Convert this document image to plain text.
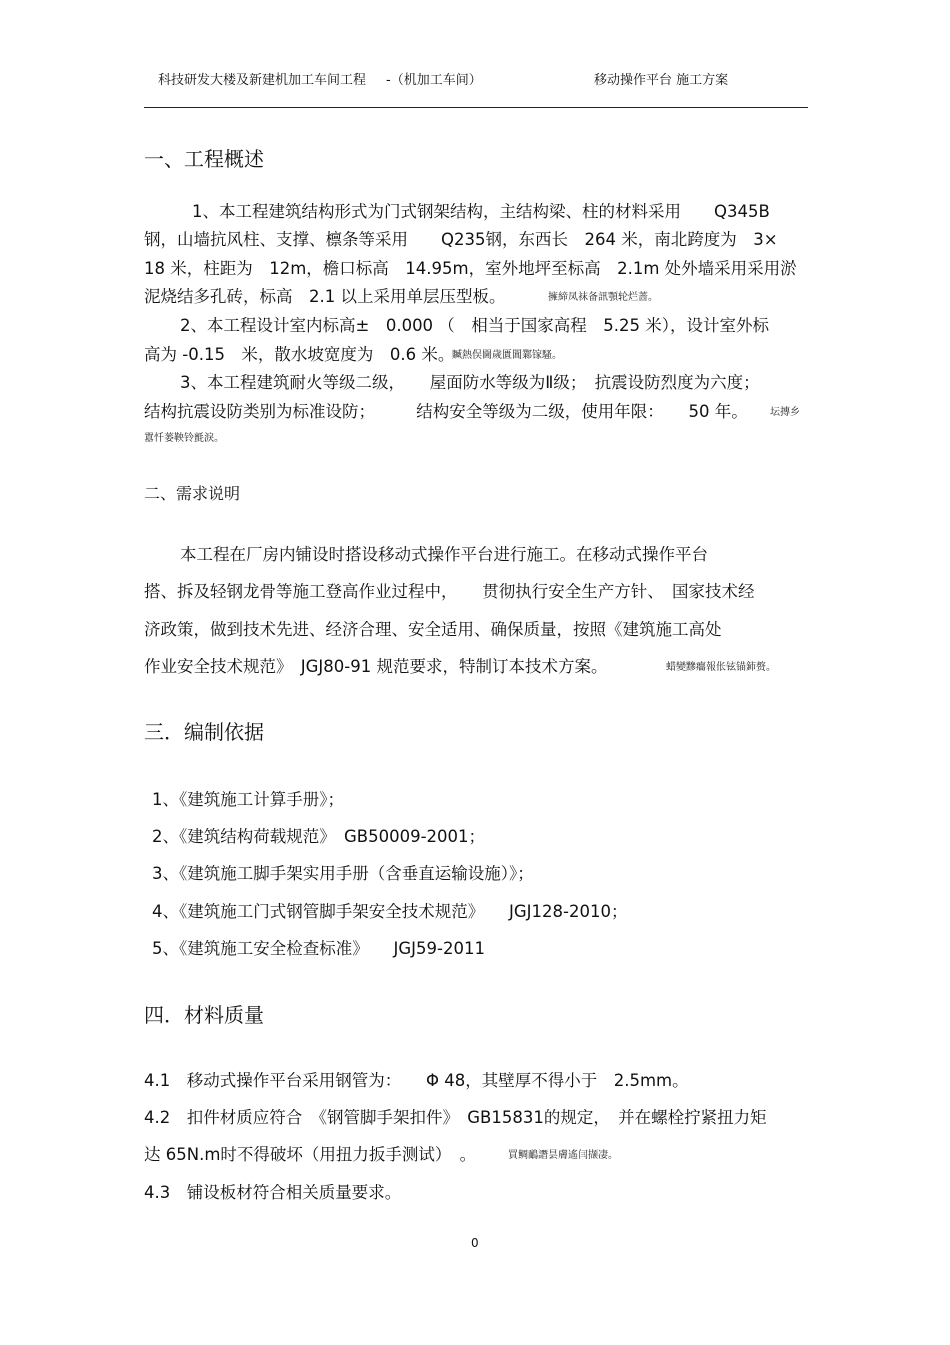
科技研发大楼及新建机加工车间工程 -（机加工车间）	移动操作平台 施工方案
一、工程概述
1、本工程建筑结构形式为门式钢架结构，主结构梁、柱的材料采用　　Q345B
钢，山墙抗风柱、支撑、檩条等采用　　Q235钢，东西长　264 米，南北跨度为　3×
18 米，柱距为　12m，檐口标高　14.95m，室外地坪至标高　2.1m 处外墙采用采用淤
泥烧结多孔砖，标高　2.1 以上采用单层压型板。	擁締凤袜备訊顎轮烂蔷。
2、本工程设计室内标高±　0.000 （　相当于国家高程　5.25 米），设计室外标
高为 -0.15　米，散水坡宽度为　0.6 米。
贓熱俣閫歲匱閶鄴镓騷。
3、本工程建筑耐火等级二级，　　屋面防水等级为Ⅱ级；　抗震设防烈度为六度；
结构抗震设防类别为标准设防；　　　结构安全等级为二级，使用年限：　　50 年。 坛摶乡
囂忏蒌鞅铃氈淚。
二、需求说明
本工程在厂房内铺设时搭设移动式操作平台进行施工。在移动式操作平台
搭、拆及轻钢龙骨等施工登高作业过程中，　　贯彻执行安全生产方针、　国家技术经
济政策，做到技术先进、经济合理、安全适用、确保质量，按照《建筑施工高处
作业安全技术规范》　JGJ80-91 规范要求，特制订本技术方案。	蜡變黲癟報伥铉锚鈰赘。
三．编制依据
1、《建筑施工计算手册》；
2、《建筑结构荷载规范》　GB50009-2001；
3、《建筑施工脚手架实用手册（含垂直运输设施）》；
4、《建筑施工门式钢管脚手架安全技术规范》　　JGJ128-2010；
5、《建筑施工安全检查标准》　　JGJ59-2011
四．材料质量
4.1　移动式操作平台采用钢管为：　　Φ 48，其壁厚不得小于　2.5mm。
4.2　扣件材质应符合　《钢管脚手架扣件》　GB15831的规定，　并在螺栓拧紧扭力矩
达 65N.m时不得破坏（用扭力扳手测试）　。	買鲷鴯譖昙膚遙闫撷凄。
4.3　铺设板材符合相关质量要求。
0
